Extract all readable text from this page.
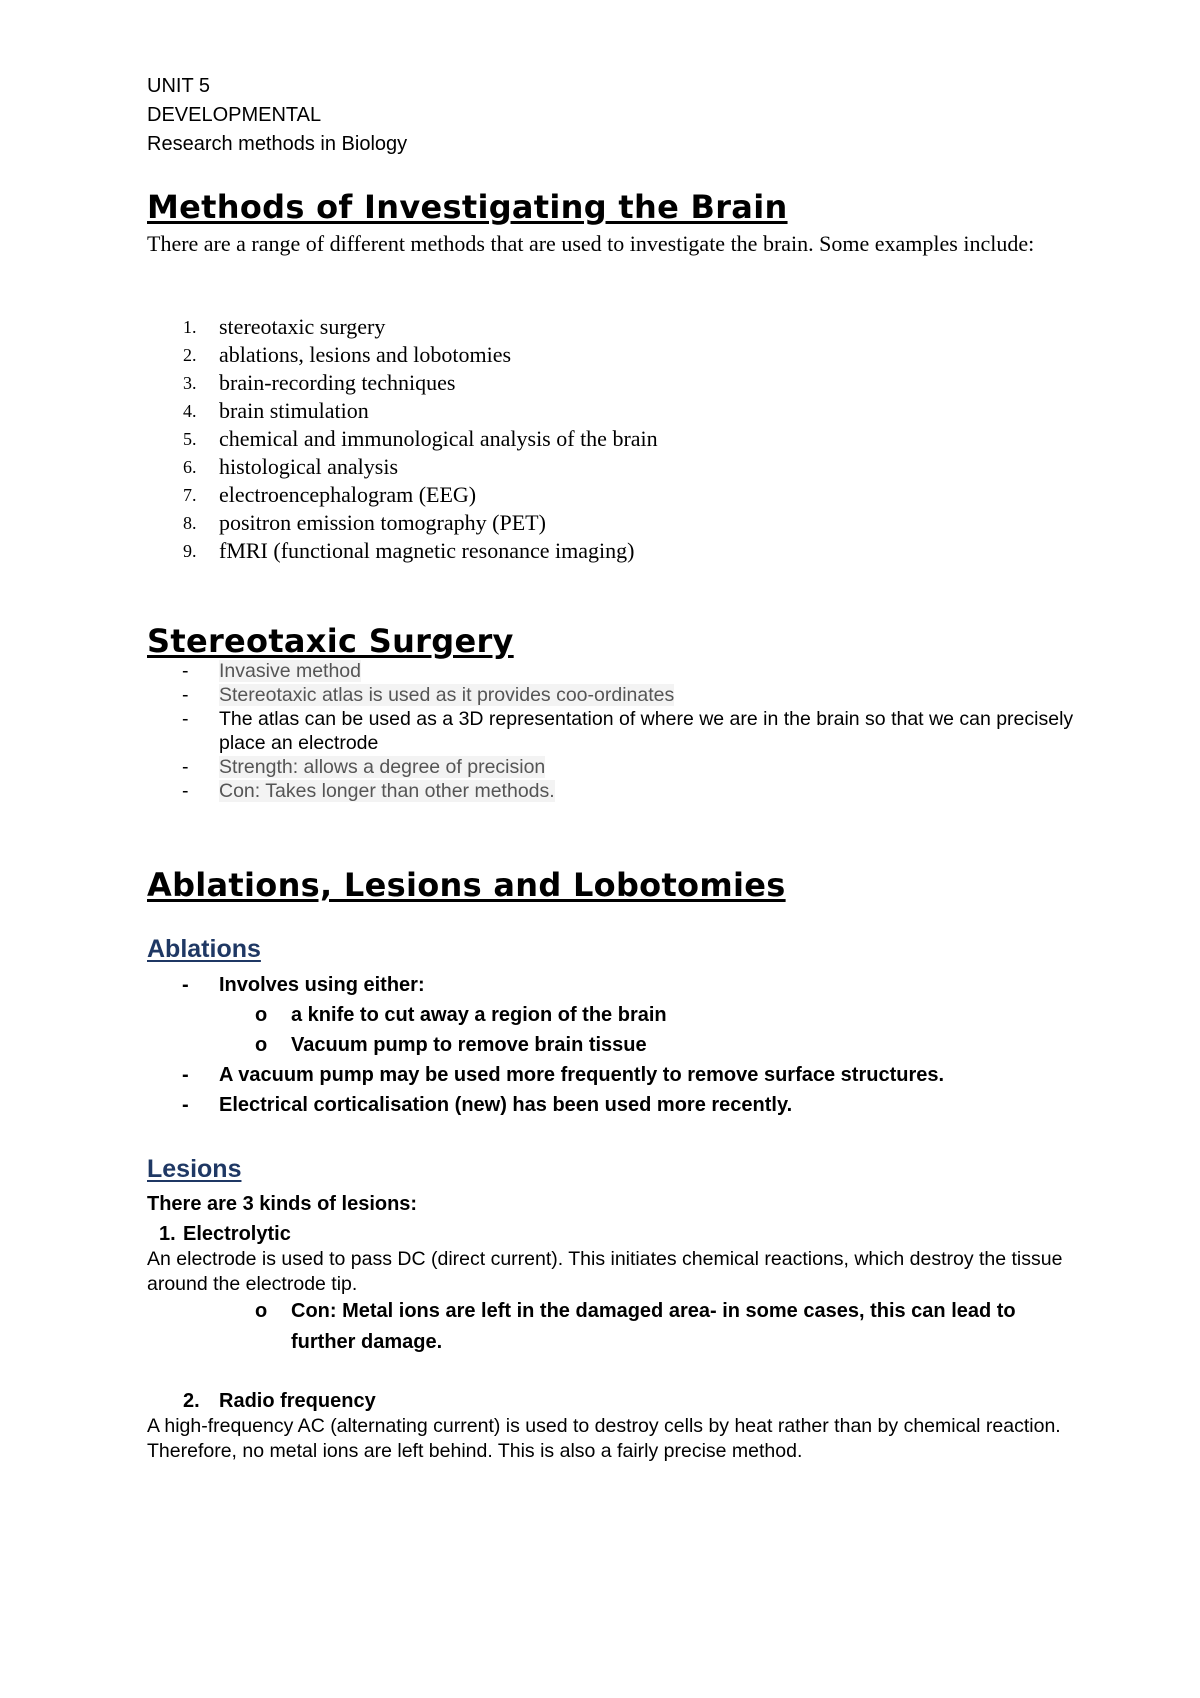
UNIT 5
DEVELOPMENTAL
Research methods in Biology
Methods of Investigating the Brain
There are a range of different methods that are used to investigate the brain. Some examples include:
1.	stereotaxic surgery
2.	ablations, lesions and lobotomies
3.	brain-recording techniques
4.	brain stimulation
5.	chemical and immunological analysis of the brain
6.	histological analysis
7.	electroencephalogram (EEG)
8.	positron emission tomography (PET)
9.	fMRI (functional magnetic resonance imaging)
Stereotaxic Surgery
-	Invasive method
-	Stereotaxic atlas is used as it provides coo-ordinates
-	The atlas can be used as a 3D representation of where we are in the brain so that we can precisely place an electrode
-	Strength: allows a degree of precision
-	Con: Takes longer than other methods.
Ablations, Lesions and Lobotomies
Ablations
-	Involves using either:
o	a knife to cut away a region of the brain
o	Vacuum pump to remove brain tissue
-	A vacuum pump may be used more frequently to remove surface structures.
-	Electrical corticalisation (new) has been used more recently.
Lesions
There are 3 kinds of lesions:
1. Electrolytic
An electrode is used to pass DC (direct current). This initiates chemical reactions, which destroy the tissue around the electrode tip.
o	Con: Metal ions are left in the damaged area- in some cases, this can lead to further damage.
2. Radio frequency
A high-frequency AC (alternating current) is used to destroy cells by heat rather than by chemical reaction. Therefore, no metal ions are left behind. This is also a fairly precise method.
